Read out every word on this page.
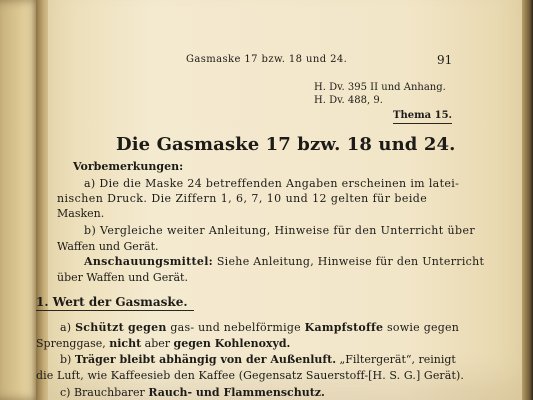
Gasmaske 17 bzw. 18 und 24.	91
H. Dv. 395 II und Anhang.
H. Dv. 488, 9.
Thema 15.
Die Gasmaske 17 bzw. 18 und 24.
Vorbemerkungen:
a) Die die Maske 24 betreffenden Angaben erscheinen im latei-
nischen Druck. Die Ziffern 1, 6, 7, 10 und 12 gelten für beide
Masken.
b) Vergleiche weiter Anleitung, Hinweise für den Unterricht über
Waffen und Gerät.
Anschauungsmittel: Siehe Anleitung, Hinweise für den Unterricht
über Waffen und Gerät.
1. Wert der Gasmaske.
a) Schützt gegen gas- und nebelförmige Kampfstoffe sowie gegen
Sprenggase, nicht aber gegen Kohlenoxyd.
b) Träger bleibt abhängig von der Außenluft. „Filtergerät“, reinigt
die Luft, wie Kaffeesieb den Kaffee (Gegensatz Sauerstoff-[H. S. G.] Gerät).
c) Brauchbarer Rauch- und Flammenschutz.
